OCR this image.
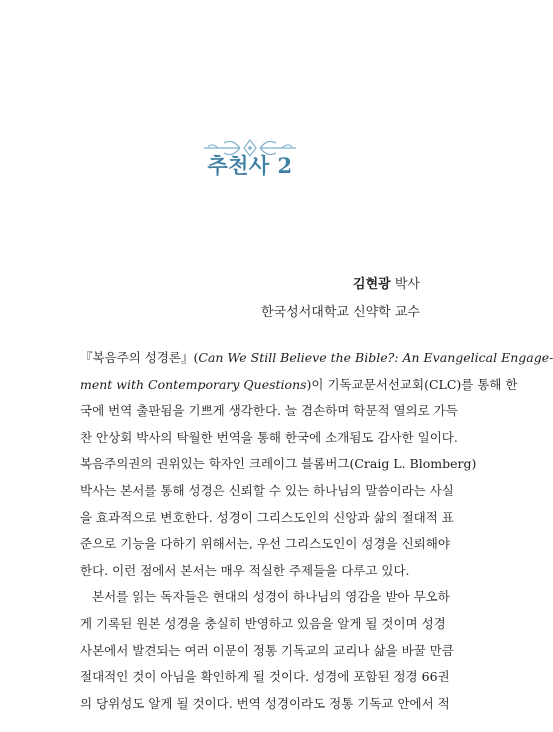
추천사 2
김현광 박사
한국성서대학교 신약학 교수
『복음주의 성경론』(Can We Still Believe the Bible?: An Evangelical Engage-
ment with Contemporary Questions)이 기독교문서선교회(CLC)를 통해 한
국에 번역 출판됨을 기쁘게 생각한다. 늘 겸손하며 학문적 열의로 가득
찬 안상회 박사의 탁월한 번역을 통해 한국에 소개됨도 감사한 일이다.
복음주의권의 권위있는 학자인 크레이그 블롬버그(Craig L. Blomberg)
박사는 본서를 통해 성경은 신뢰할 수 있는 하나님의 말씀이라는 사실
을 효과적으로 변호한다. 성경이 그리스도인의 신앙과 삶의 절대적 표
준으로 기능을 다하기 위해서는, 우선 그리스도인이 성경을 신뢰해야
한다. 이런 점에서 본서는 매우 적실한 주제들을 다루고 있다.
본서를 읽는 독자들은 현대의 성경이 하나님의 영감을 받아 무오하
게 기록된 원본 성경을 충실히 반영하고 있음을 알게 될 것이며 성경
사본에서 발견되는 여러 이문이 정통 기독교의 교리나 삶을 바꿀 만큼
절대적인 것이 아님을 확인하게 될 것이다. 성경에 포함된 정경 66권
의 당위성도 알게 될 것이다. 번역 성경이라도 정통 기독교 안에서 적
